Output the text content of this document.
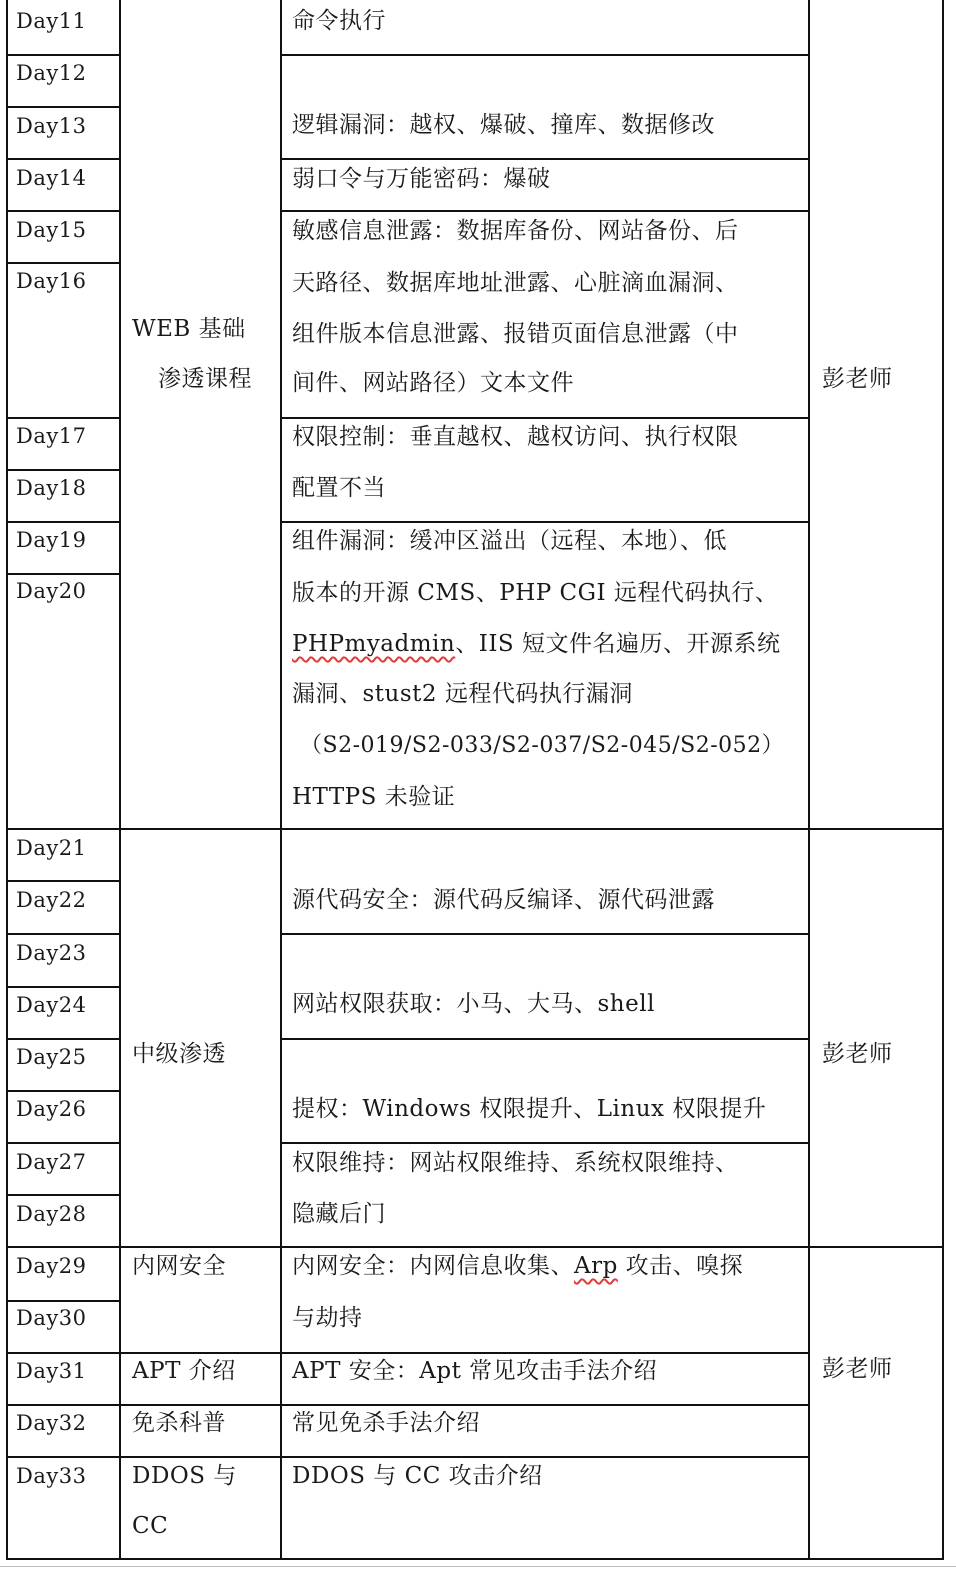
Day11
Day12
Day13
Day14
Day15
Day16
Day17
Day18
Day19
Day20
Day21
Day22
Day23
Day24
Day25
Day26
Day27
Day28
Day29
Day30
Day31
Day32
Day33
WEB 基础
渗透课程
中级渗透
内网安全
APT 介绍
免杀科普
DDOS 与
CC
彭老师
彭老师
彭老师
命令执行
逻辑漏洞：越权、爆破、撞库、数据修改
弱口令与万能密码：爆破
敏感信息泄露：数据库备份、网站备份、后
天路径、数据库地址泄露、心脏滴血漏洞、
组件版本信息泄露、报错页面信息泄露（中
间件、网站路径）文本文件
权限控制：垂直越权、越权访问、执行权限
配置不当
组件漏洞：缓冲区溢出（远程、本地）、低
版本的开源 CMS、PHP CGI 远程代码执行、
PHPmyadmin、IIS 短文件名遍历、开源系统
漏洞、stust2 远程代码执行漏洞
（S2-019/S2-033/S2-037/S2-045/S2-052）
HTTPS 未验证
源代码安全：源代码反编译、源代码泄露
网站权限获取：小马、大马、shell
提权：Windows 权限提升、Linux 权限提升
权限维持：网站权限维持、系统权限维持、
隐藏后门
内网安全：内网信息收集、Arp 攻击、嗅探
与劫持
APT 安全：Apt 常见攻击手法介绍
常见免杀手法介绍
DDOS 与 CC 攻击介绍
